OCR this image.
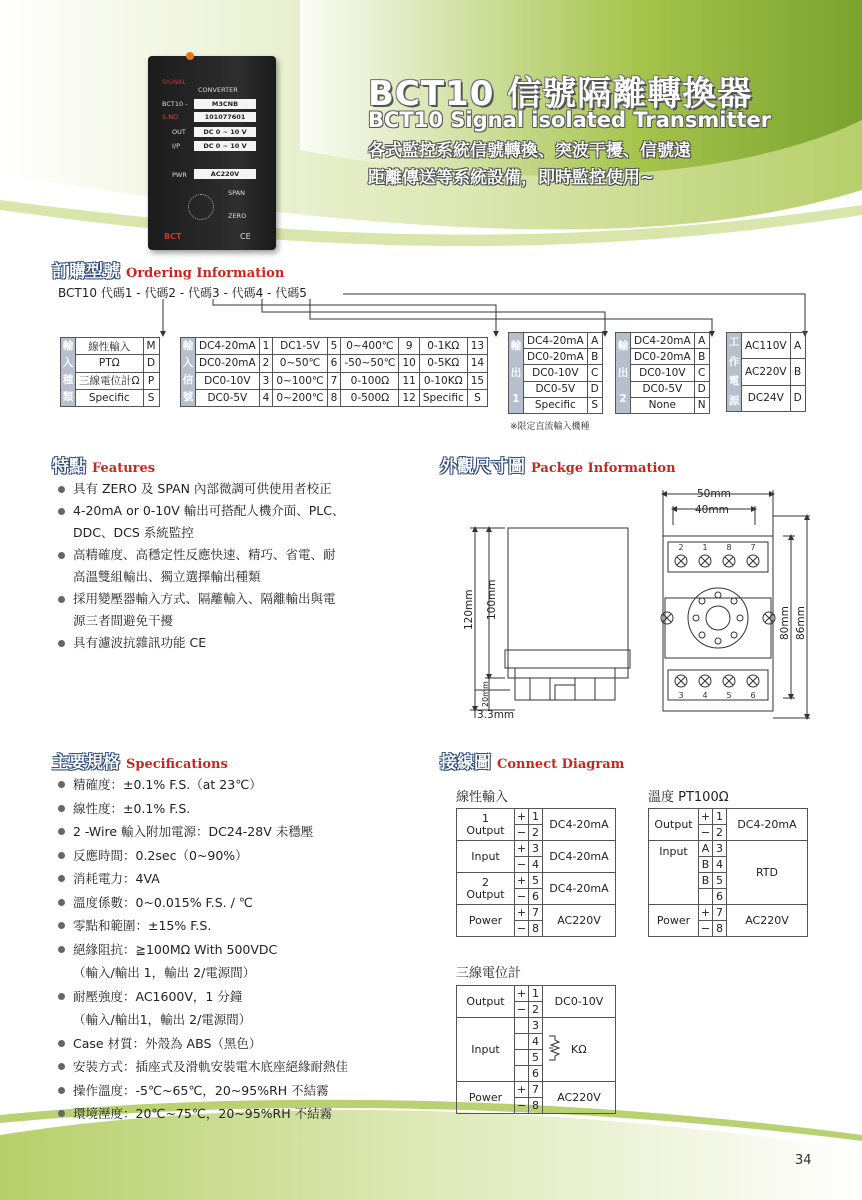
SIGNAL
CONVERTER
BCT10 -	M3CNB
S.NO	101077601
OUT	DC 0 ~ 10 V
I/P	DC 0 ~ 10 V
PWR	AC220V
SPAN
ZERO
BCT	CE
BCT10 信號隔離轉換器
BCT10 Signal isolated Transmitter
各式監控系統信號轉換、突波干擾、信號遠
距離傳送等系統設備，即時監控使用~
訂購型號 Ordering Information
BCT10 代碼1 - 代碼2 - 代碼3 - 代碼4 - 代碼5
輸
入
種
類	線性輸入	M
	PTΩ	D
	三線電位計Ω	P
	Specific	S
輸
入
信
號	DC4-20mA	1	DC1-5V	5	0~400℃	9	0-1KΩ	13
	DC0-20mA	2	0~50℃	6	-50~50℃	10	0-5KΩ	14
	DC0-10V	3	0~100℃	7	0-100Ω	11	0-10KΩ	15
	DC0-5V	4	0~200℃	8	0-500Ω	12	Specific	S
輸
出
1	DC4-20mA	A
	DC0-20mA	B
	DC0-10V	C
	DC0-5V	D
	Specific	S
輸
出
2	DC4-20mA	A
	DC0-20mA	B
	DC0-10V	C
	DC0-5V	D
	None	N
工
作
電
源	AC110V	A
	AC220V	B
	DC24V	D
※限定直流輸入機種
特點 Features
具有 ZERO 及 SPAN 內部微調可供使用者校正
4-20mA or 0-10V 輸出可搭配人機介面、PLC、
DDC、DCS 系統監控
高精確度、高穩定性反應快速、精巧、省電、耐
高溫雙組輸出、獨立選擇輸出種類
採用變壓器輸入方式、隔離輸入、隔離輸出與電
源三者間避免干擾
具有濾波抗雜訊功能 CE
外觀尺寸圖 Packge Information
2 1 8 7
3 4 5 6
50mm
40mm
3.3mm
120mm 100mm
20mm
80mm 86mm
主要規格 Specifications
精確度：±0.1% F.S.（at 23℃）
線性度：±0.1% F.S.
2 -Wire 輸入附加電源：DC24-28V 未穩壓
反應時間：0.2sec（0~90%）
消耗電力：4VA
溫度係數：0~0.015% F.S. / ℃
零點和範圍：±15% F.S.
絕緣阻抗：≧100MΩ With 500VDC
（輸入/輸出 1，輸出 2/電源間）
耐壓強度：AC1600V，1 分鐘
（輸入/輸出1，輸出 2/電源間）
Case 材質：外殼為 ABS（黑色）
安裝方式：插座式及滑軌安裝電木底座絕緣耐熱佳
操作溫度：-5℃~65℃，20~95%RH 不結霧
環境溼度：20℃~75℃，20~95%RH 不結霧
接線圖 Connect Diagram
線性輸入
1
Output	+	1	DC4-20mA
	−	2	
Input	+	3	DC4-20mA
	−	4	

2
Output	+	5	DC4-20mA
	−	6	
Power	+	7	AC220V
	−	8	
溫度 PT100Ω
Output	+	1	DC4-20mA
	−	2	
Input	A	3	RTD
	B	4	
	B	5	
		6	
Power	+	7	AC220V
	−	8	
三線電位計
Output	+	1	DC0-10V
	−	2	
Input		3	KΩ
		4	
		5	
		6	
Power	+	7	AC220V
	−	8	
34
